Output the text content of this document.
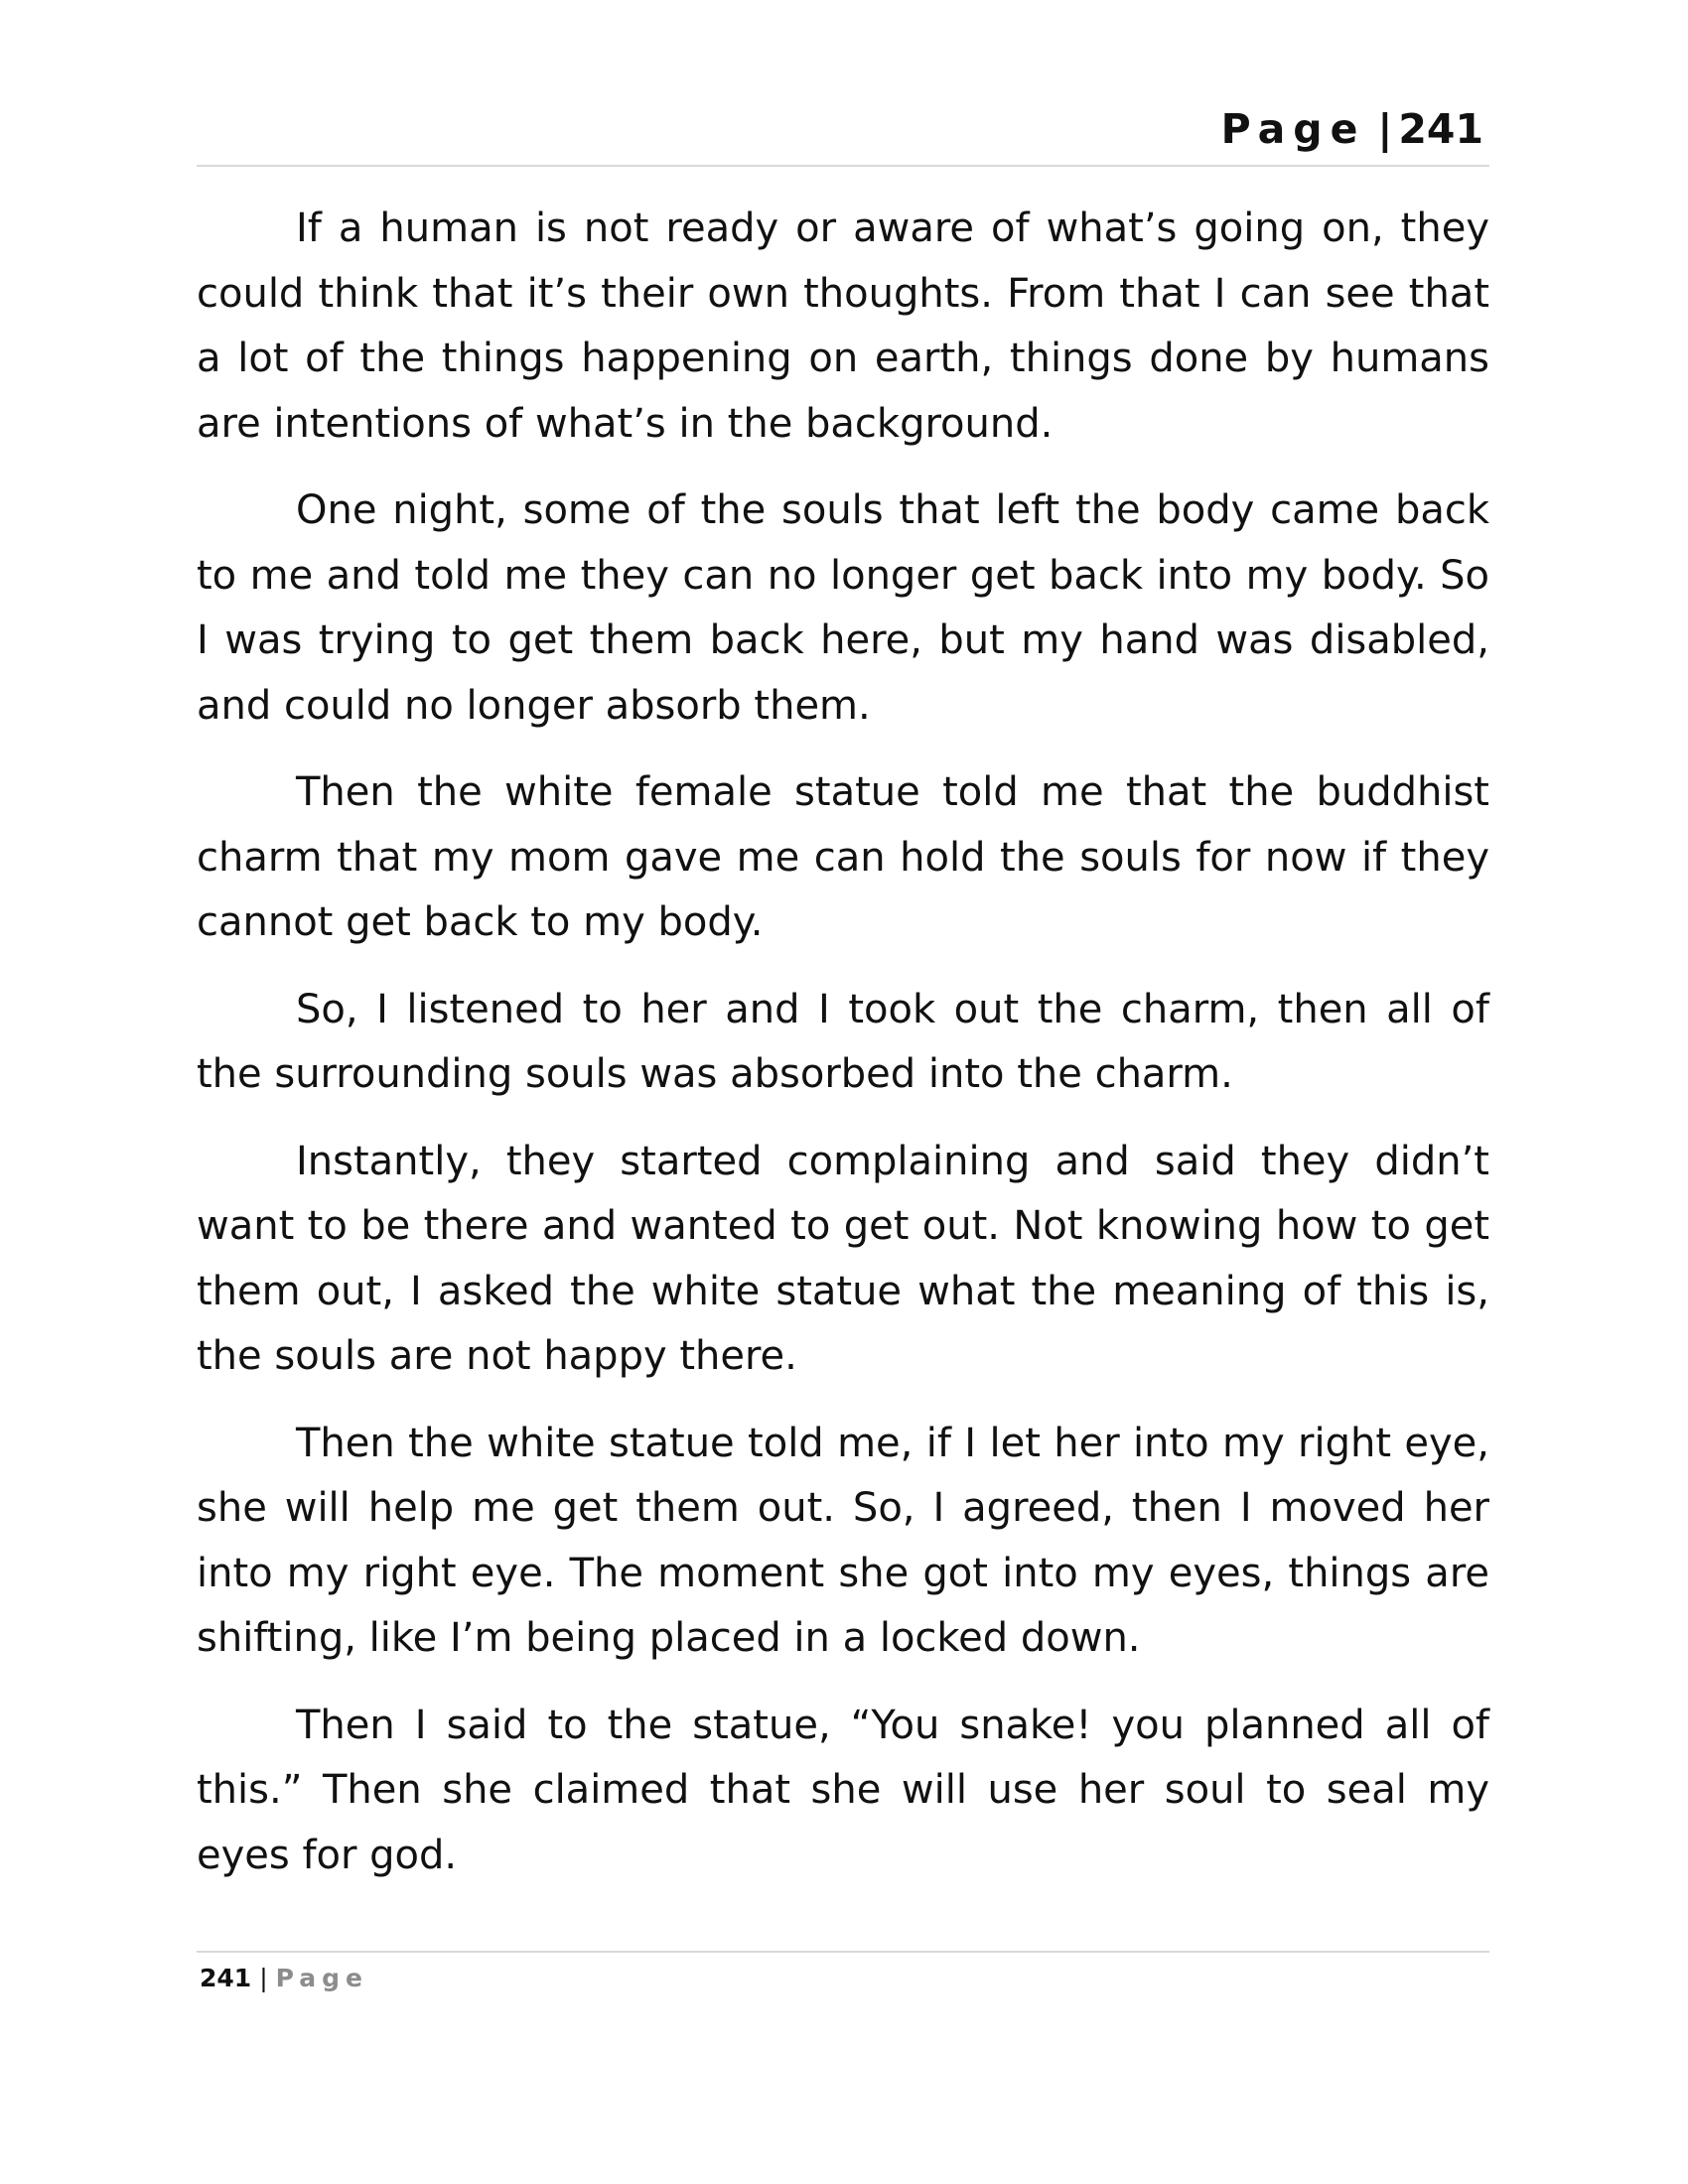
Page | 241

If a human is not ready or aware of what’s going on, they could think that it’s their own thoughts. From that I can see that a lot of the things happening on earth, things done by humans are intentions of what’s in the background.

One night, some of the souls that left the body came back to me and told me they can no longer get back into my body. So I was trying to get them back here, but my hand was disabled, and could no longer absorb them.

Then the white female statue told me that the buddhist charm that my mom gave me can hold the souls for now if they cannot get back to my body.

So, I listened to her and I took out the charm, then all of the surrounding souls was absorbed into the charm.

Instantly, they started complaining and said they didn’t want to be there and wanted to get out. Not knowing how to get them out, I asked the white statue what the meaning of this is, the souls are not happy there.

Then the white statue told me, if I let her into my right eye, she will help me get them out. So, I agreed, then I moved her into my right eye. The moment she got into my eyes, things are shifting, like I’m being placed in a locked down.

Then I said to the statue, “You snake! you planned all of this.” Then she claimed that she will use her soul to seal my eyes for god.

241 | Page
